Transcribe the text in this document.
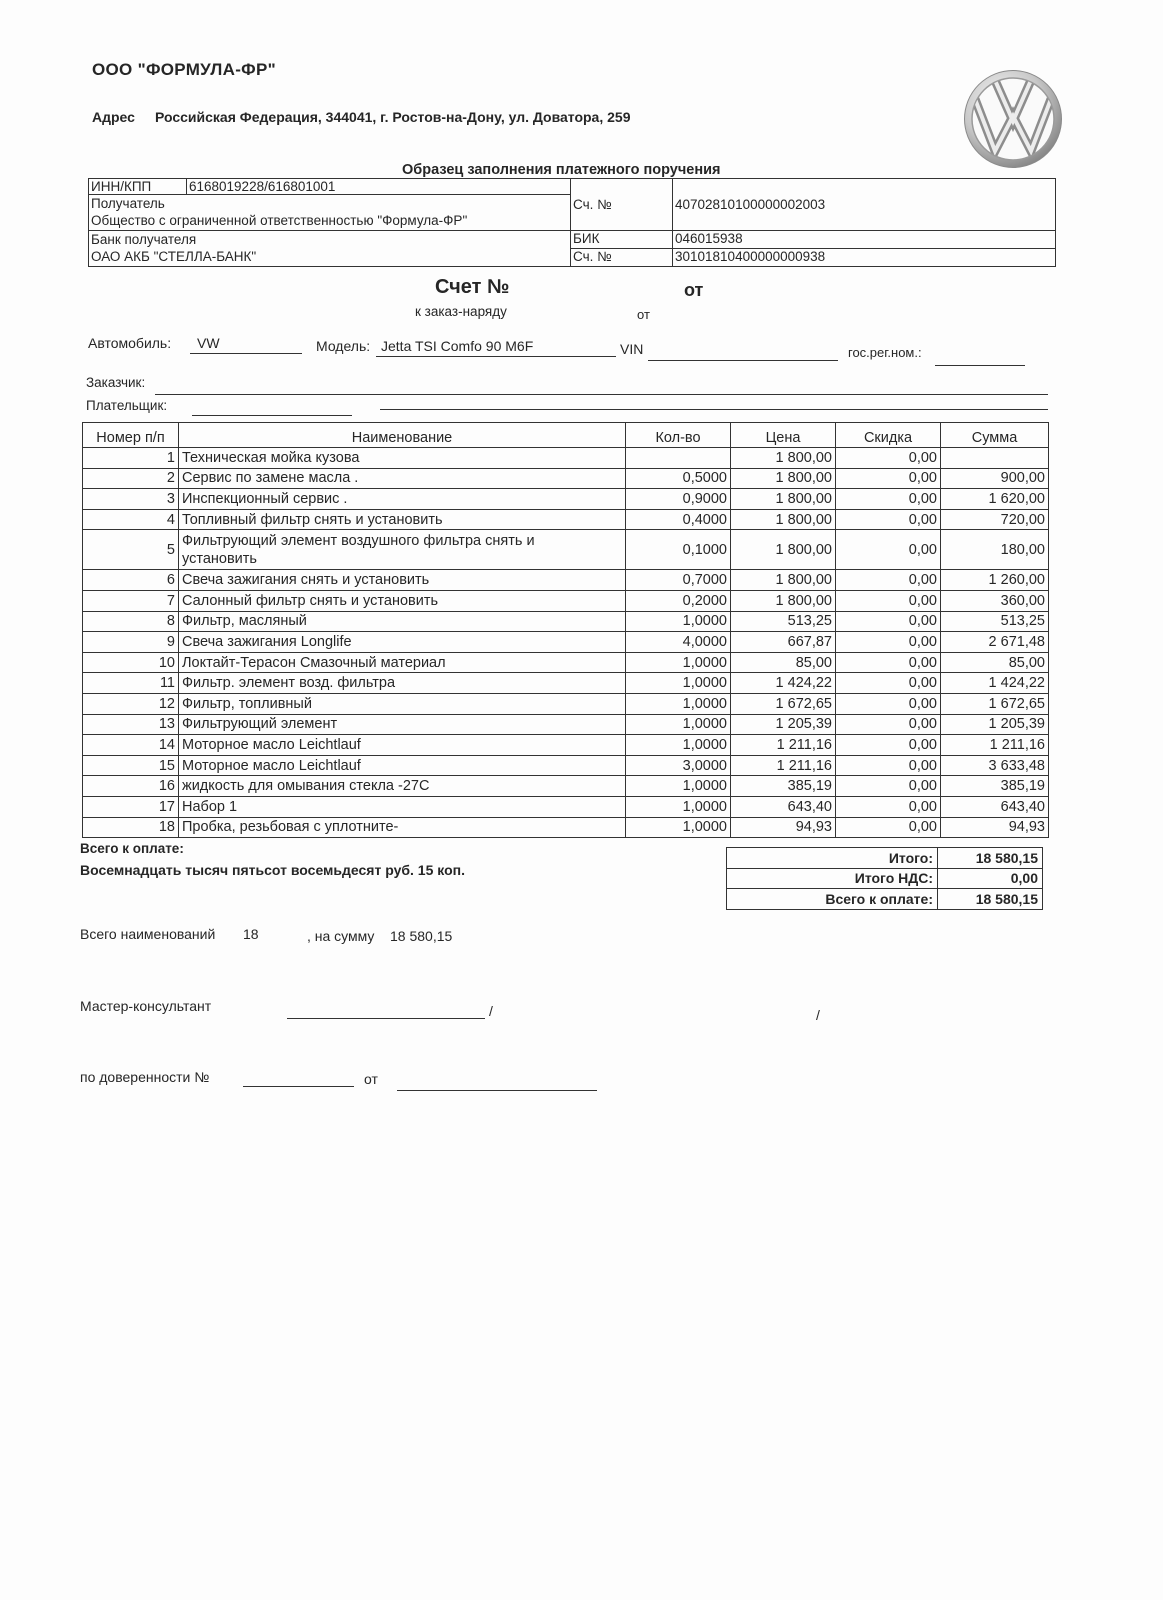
ООО "ФОРМУЛА-ФР"
Адрес Российская Федерация, 344041, г. Ростов-на-Дону, ул. Доватора, 259
Образец заполнения платежного поручения
ИНН/КПП	6168019228/616801001	Сч. №	40702810100000002003

Получатель
Общество с ограниченной ответственностью "Формула-ФР"			

Банк получателя
ОАО АКБ "СТЕЛЛА-БАНК"		БИК	046015938
		Сч. №	30101810400000000938
Счет №	от
к заказ-наряду	от
Автомобиль:	VW	Модель: Jetta TSI Comfo 90 M6F	VIN	гос.рег.ном.:
Заказчик:
Плательщик:
Номер п/п	Наименование	Кол-во	Цена	Скидка	Сумма
1	Техническая мойка кузова		1 800,00	0,00	
2	Сервис по замене масла .	0,5000	1 800,00	0,00	900,00
3	Инспекционный сервис .	0,9000	1 800,00	0,00	1 620,00
4	Топливный фильтр снять и установить	0,4000	1 800,00	0,00	720,00
5	Фильтрующий элемент воздушного фильтра снять и установить	0,1000	1 800,00	0,00	180,00
6	Свеча зажигания снять и установить	0,7000	1 800,00	0,00	1 260,00
7	Салонный фильтр снять и установить	0,2000	1 800,00	0,00	360,00
8	Фильтр, масляный	1,0000	513,25	0,00	513,25
9	Свеча зажигания Longlife	4,0000	667,87	0,00	2 671,48
10	Локтайт-Терасон Смазочный материал	1,0000	85,00	0,00	85,00
11	Фильтр. элемент возд. фильтра	1,0000	1 424,22	0,00	1 424,22
12	Фильтр, топливный	1,0000	1 672,65	0,00	1 672,65
13	Фильтрующий элемент	1,0000	1 205,39	0,00	1 205,39
14	Моторное масло Leichtlauf	1,0000	1 211,16	0,00	1 211,16
15	Моторное масло Leichtlauf	3,0000	1 211,16	0,00	3 633,48
16	жидкость для омывания стекла -27С	1,0000	385,19	0,00	385,19
17	Набор 1	1,0000	643,40	0,00	643,40
18	Пробка, резьбовая с уплотните-	1,0000	94,93	0,00	94,93
Всего к оплате:
Восемнадцать тысяч пятьсот восемьдесят руб. 15 коп.
Итого:	18 580,15
Итого НДС:	0,00
Всего к оплате:	18 580,15
Всего наименований 18	, на сумму 18 580,15
Мастер-консультант	/	/
по доверенности №	от
